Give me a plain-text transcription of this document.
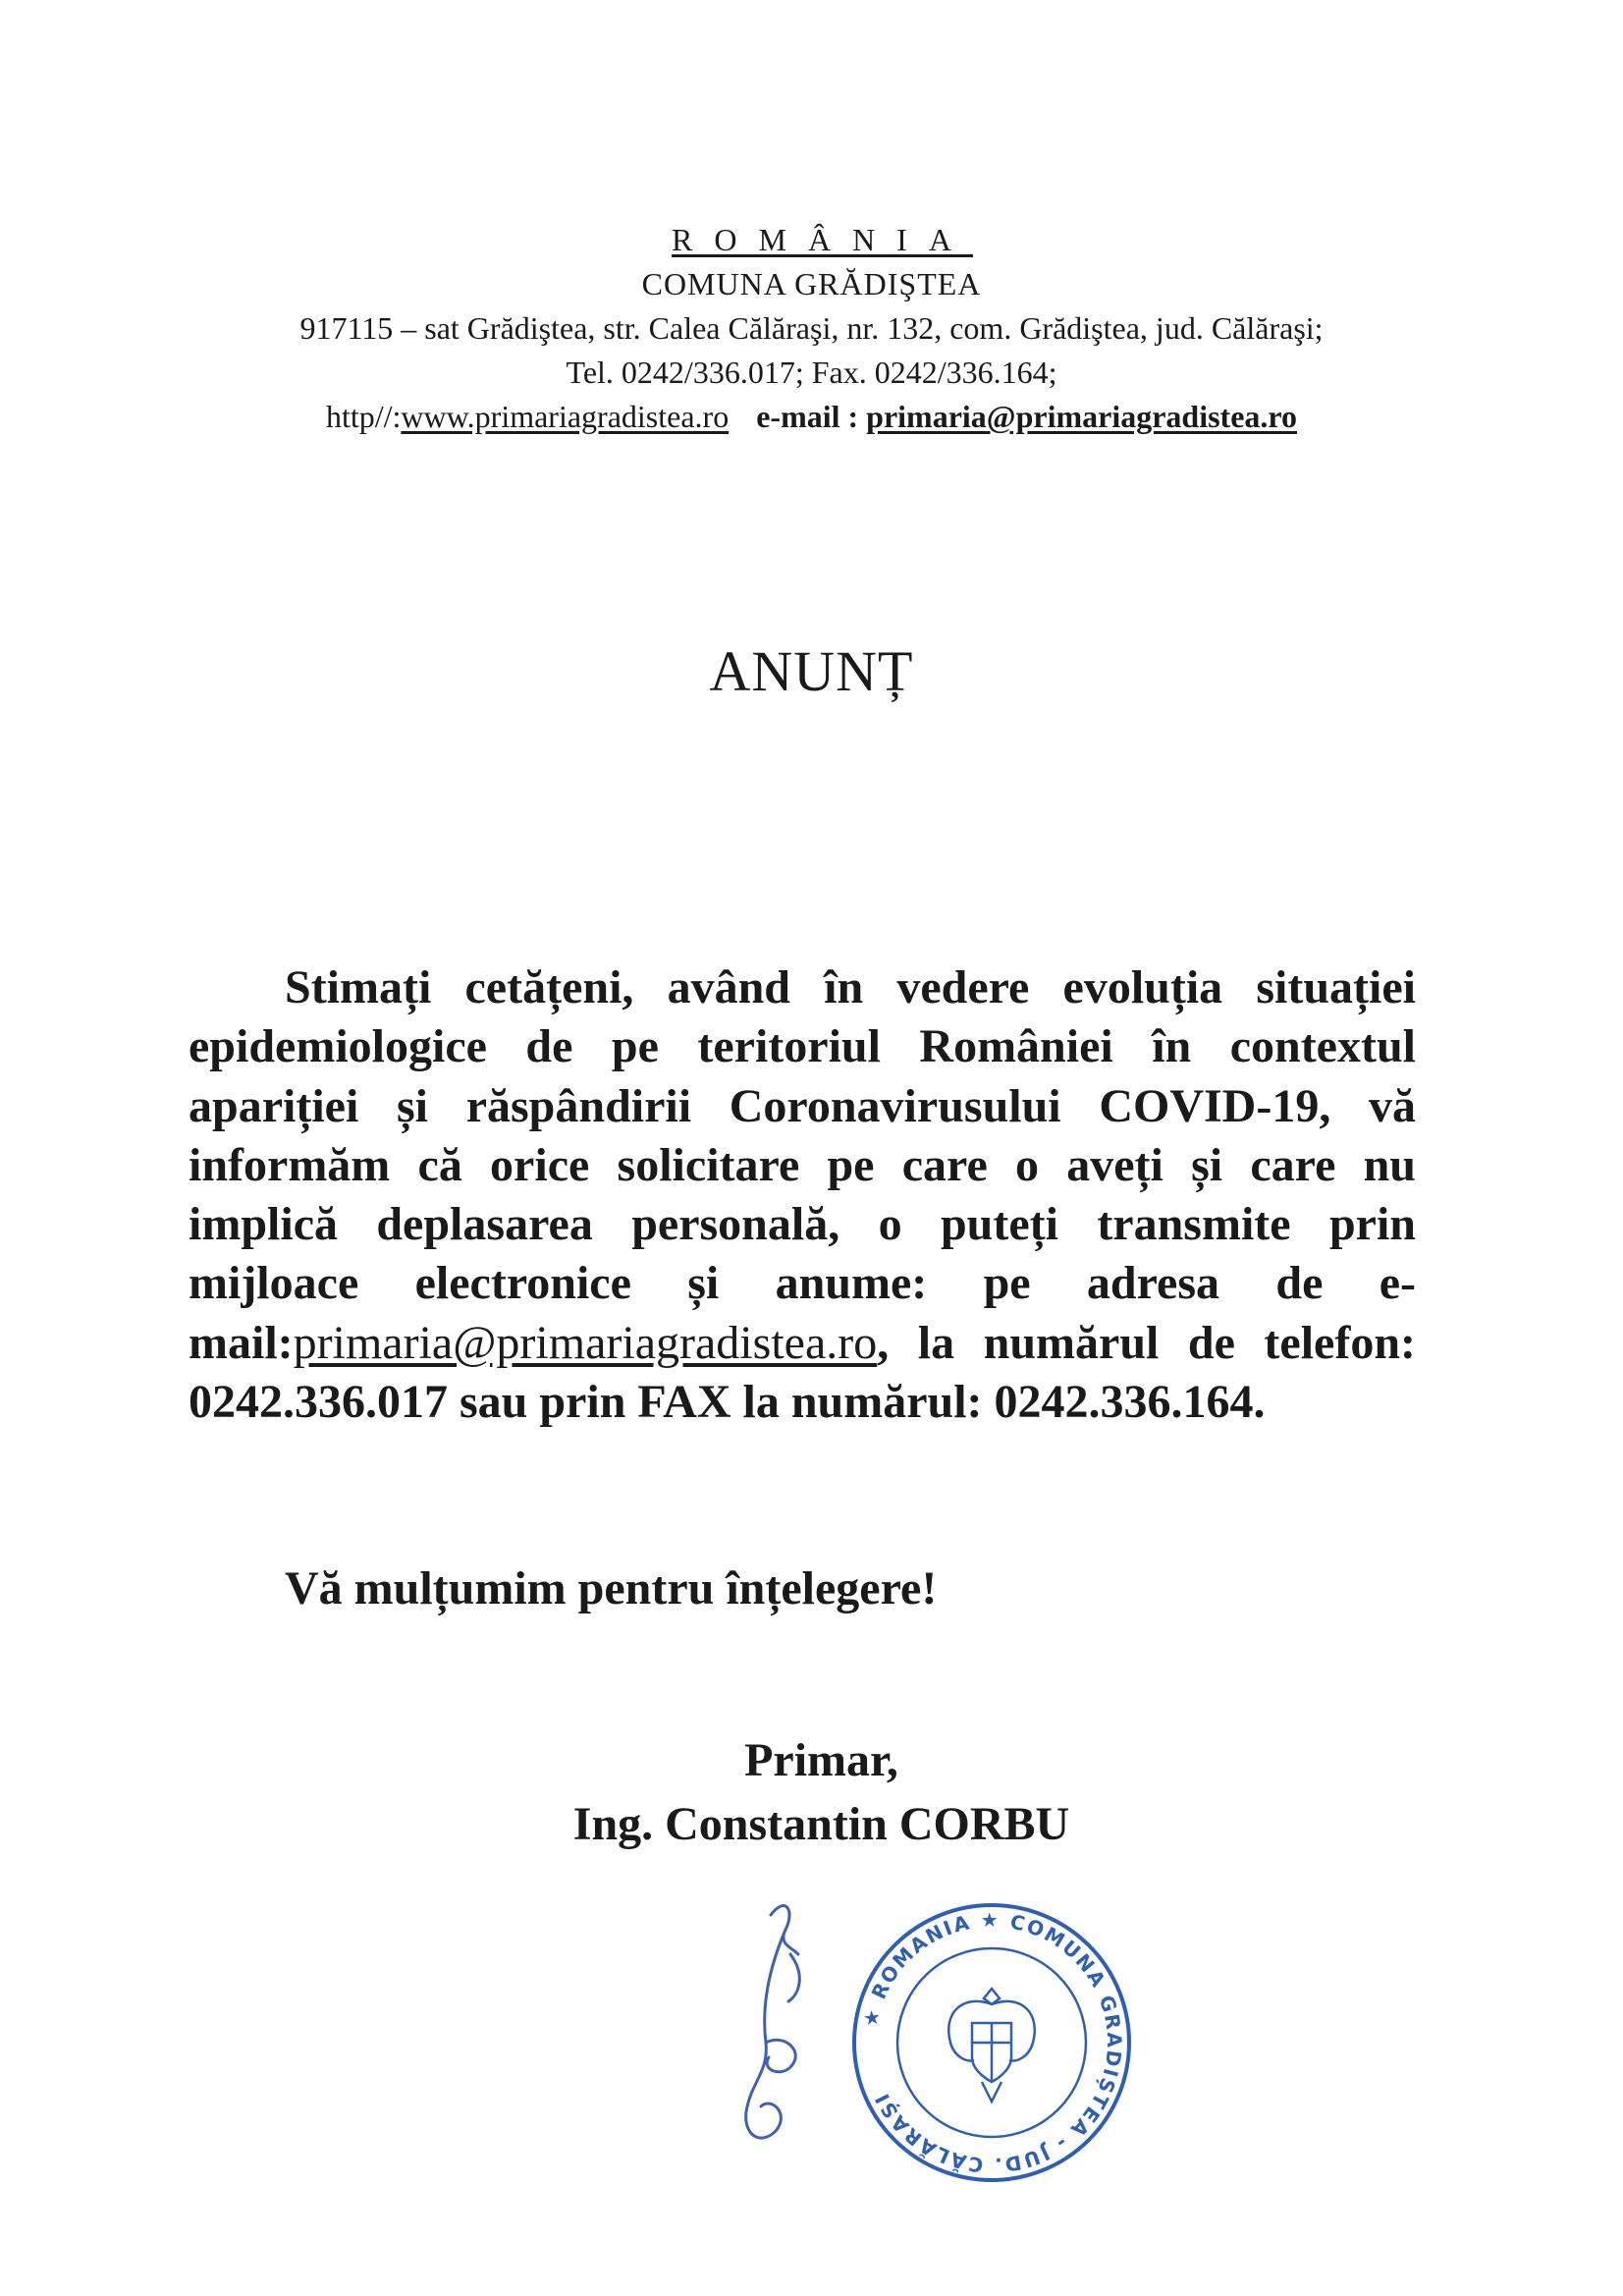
ROMÂNIA
COMUNA GRĂDIŞTEA
917115 – sat Grădiştea, str. Calea Călăraşi, nr. 132, com. Grădiştea, jud. Călăraşi;
Tel. 0242/336.017; Fax. 0242/336.164;
http//:www.primariagradistea.ro e-mail : primaria@primariagradistea.ro
ANUNȚ

Stimați cetățeni, având în vedere evoluția situației epidemiologice de pe teritoriul României în contextul apariției și răspândirii Coronavirusului COVID-19, vă informăm că orice solicitare pe care o aveți și care nu implică deplasarea personală, o puteți transmite prin mijloace electronice și anume: pe adresa de e-mail:primaria@primariagradistea.ro, la numărul de telefon: 0242.336.017 sau prin FAX la numărul: 0242.336.164.

Vă mulțumim pentru înțelegere!
Primar,
Ing. Constantin CORBU
★ ROMANIA ★ COMUNA GRADIȘTEA - JUD. CĂLĂRAȘI
